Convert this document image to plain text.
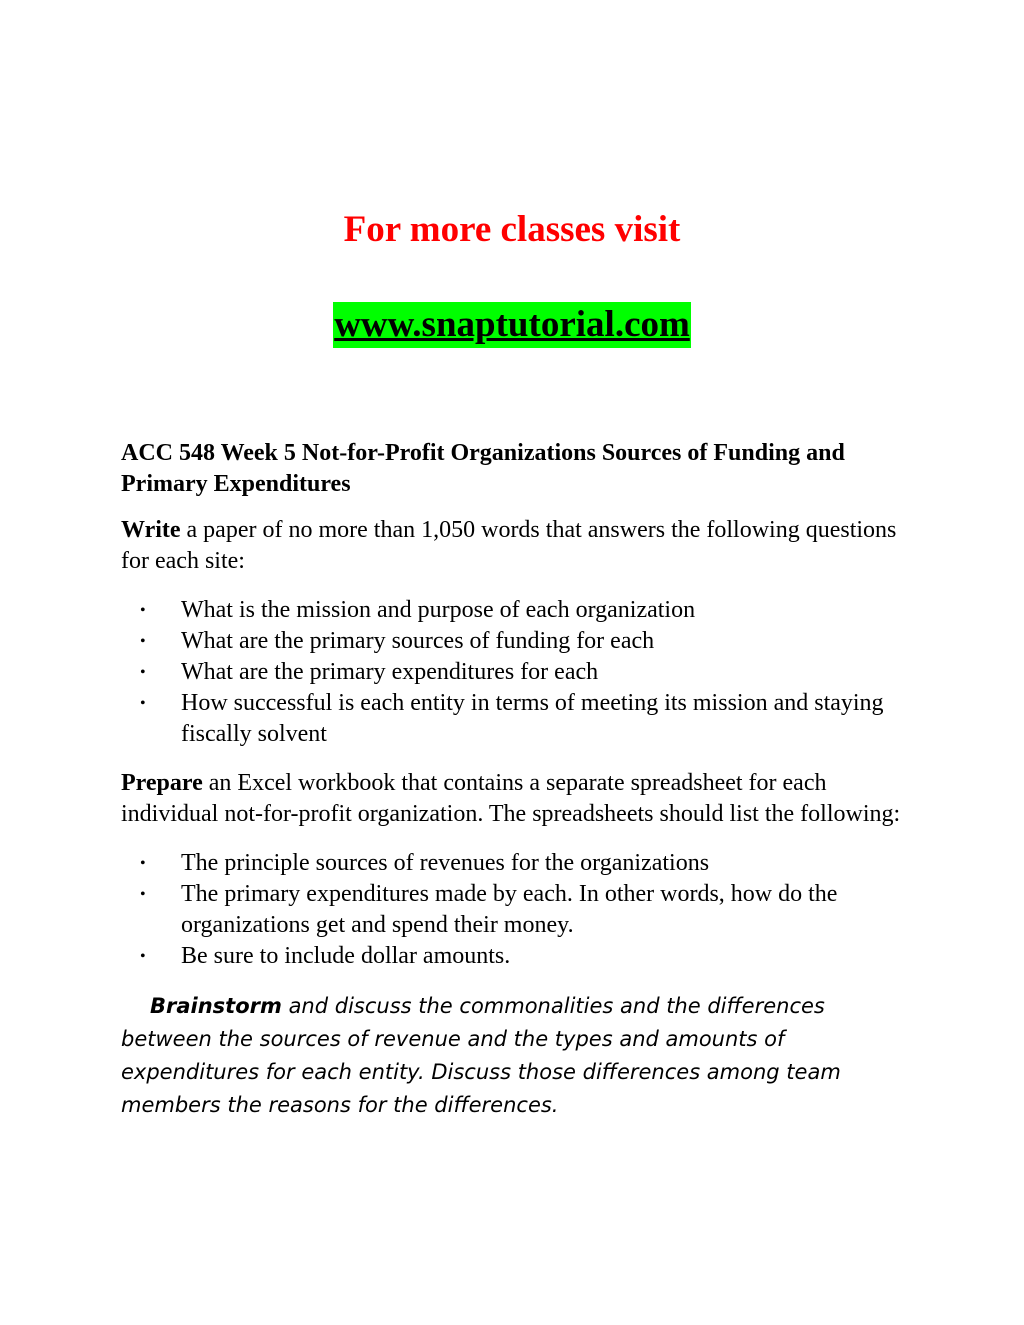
For more classes visit
www.snaptutorial.com
ACC 548 Week 5 Not-for-Profit Organizations Sources of Funding and Primary Expenditures

Write a paper of no more than 1,050 words that answers the following questions for each site:

• What is the mission and purpose of each organization
• What are the primary sources of funding for each
• What are the primary expenditures for each
• How successful is each entity in terms of meeting its mission and staying fiscally solvent

Prepare an Excel workbook that contains a separate spreadsheet for each individual not-for-profit organization. The spreadsheets should list the following:

• The principle sources of revenues for the organizations
• The primary expenditures made by each. In other words, how do the organizations get and spend their money.
• Be sure to include dollar amounts.

Brainstorm and discuss the commonalities and the differences between the sources of revenue and the types and amounts of expenditures for each entity. Discuss those differences among team members the reasons for the differences.
